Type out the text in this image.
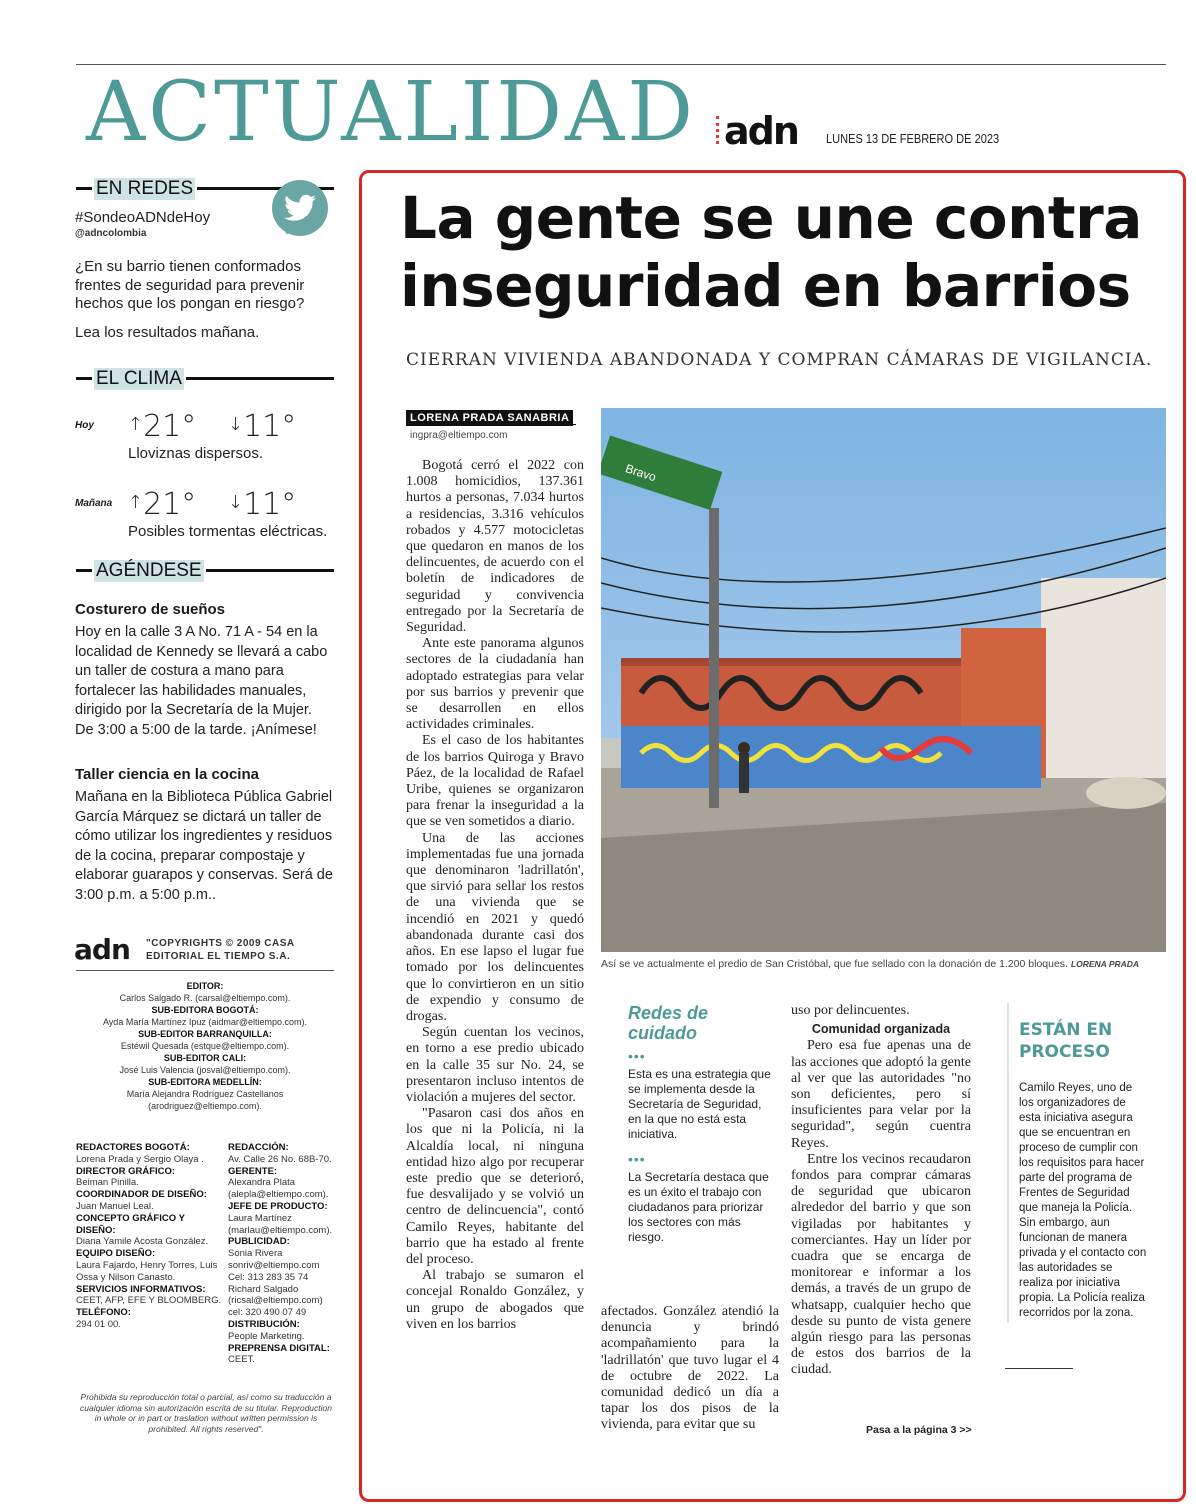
ACTUALIDAD adn LUNES 13 DE FEBRERO DE 2023
EN REDES
#SondeoADNdeHoy
@adncolombia
¿En su barrio tienen conformados frentes de seguridad para prevenir hechos que los pongan en riesgo?
Lea los resultados mañana.
EL CLIMA
Hoy ↑21° ↓11°
Lloviznas dispersos.
Mañana ↑21° ↓11°
Posibles tormentas eléctricas.
AGÉNDESE
Costurero de sueños

Hoy en la calle 3 A No. 71 A - 54 en la localidad de Kennedy se llevará a cabo un taller de costura a mano para fortalecer las habilidades manuales, dirigido por la Secretaría de la Mujer. De 3:00 a 5:00 de la tarde. ¡Anímese!

Taller ciencia en la cocina

Mañana en la Biblioteca Pública Gabriel García Márquez se dictará un taller de cómo utilizar los ingredientes y residuos de la cocina, preparar compostaje y elaborar guarapos y conservas. Será de 3:00 p.m. a 5:00 p.m..

adn "COPYRIGHTS © 2009 CASA EDITORIAL EL TIEMPO S.A.
EDITOR:
Carlos Salgado R. (carsal@eltiempo.com).
SUB-EDITORA BOGOTÁ:
Ayda María Martínez Ipuz (aidmar@eltiempo.com).
SUB-EDITOR BARRANQUILLA:
Estéwil Quesada (estque@eltiempo.com).
SUB-EDITOR CALI:
José Luis Valencia (josval@eltiempo.com).
SUB-EDITORA MEDELLÍN:
María Alejandra Rodríguez Castellanos (arodriguez@eltiempo.com).
REDACTORES BOGOTÁ:
Lorena Prada y Sergio Olaya .
DIRECTOR GRÁFICO:
Beiman Pinilla.
COORDINADOR DE DISEÑO:
Juan Manuel Leal.
CONCEPTO GRÁFICO Y DISEÑO:
Diana Yamile Acosta González.
EQUIPO DISEÑO:
Laura Fajardo, Henry Torres, Luis Ossa y Nilson Canasto.
SERVICIOS INFORMATIVOS:
CEET, AFP, EFE Y BLOOMBERG.
TELÉFONO:
294 01 00.
REDACCIÓN:
Av. Calle 26 No. 68B-70.
GERENTE:
Alexandra Plata (alepla@eltiempo.com).
JEFE DE PRODUCTO:
Laura Martínez (marlau@eltiempo.com).
PUBLICIDAD:
Sonia Rivera sonriv@eltiempo.com Cel: 313 283 35 74 Richard Salgado (ricsal@eltiempo.com) cel: 320 490 07 49
DISTRIBUCIÓN:
People Marketing.
PREPRENSA DIGITAL:
CEET.
Prohibida su reproducción total o parcial, así como su traducción a cualquier idioma sin autorización escrita de su titular. Reproduction in whole or in part or traslation without written permission is prohibited. All rights reserved".
La gente se une contra inseguridad en barrios
CIERRAN VIVIENDA ABANDONADA Y COMPRAN CÁMARAS DE VIGILANCIA.
LORENA PRADA SANABRIA
ingpra@eltiempo.com

Bogotá cerró el 2022 con 1.008 homicidios, 137.361 hurtos a personas, 7.034 hurtos a residencias, 3.316 vehículos robados y 4.577 motocicletas que quedaron en manos de los delincuentes, de acuerdo con el boletín de indicadores de seguridad y convivencia entregado por la Secretaría de Seguridad.

Ante este panorama algunos sectores de la ciudadanía han adoptado estrategias para velar por sus barrios y prevenir que se desarrollen en ellos actividades criminales.

Es el caso de los habitantes de los barrios Quiroga y Bravo Páez, de la localidad de Rafael Uribe, quienes se organizaron para frenar la inseguridad a la que se ven sometidos a diario.

Una de las acciones implementadas fue una jornada que denominaron 'ladrillatón', que sirvió para sellar los restos de una vivienda que se incendió en 2021 y quedó abandonada durante casi dos años. En ese lapso el lugar fue tomado por los delincuentes que lo convirtieron en un sitio de expendio y consumo de drogas.

Según cuentan los vecinos, en torno a ese predio ubicado en la calle 35 sur No. 24, se presentaron incluso intentos de violación a mujeres del sector.

"Pasaron casi dos años en los que ni la Policía, ni la Alcaldía local, ni ninguna entidad hizo algo por recuperar este predio que se deterioró, fue desvalijado y se volvió un centro de delincuencia", contó Camilo Reyes, habitante del barrio que ha estado al frente del proceso.

Al trabajo se sumaron el concejal Ronaldo González, y un grupo de abogados que viven en los barrios

Bravo
Así se ve actualmente el predio de San Cristóbal, que fue sellado con la donación de 1.200 bloques. LORENA PRADA
Redes de cuidado
•••

Esta es una estrategia que se implementa desde la Secretaría de Seguridad, en la que no está esta iniciativa.

•••

La Secretaría destaca que es un éxito el trabajo con ciudadanos para priorizar los sectores con más riesgo.

afectados. González atendió la denuncia y brindó acompañamiento para la 'ladrillatón' que tuvo lugar el 4 de octubre de 2022. La comunidad dedicó un día a tapar los dos pisos de la vivienda, para evitar que su

uso por delincuentes.

Comunidad organizada

Pero esa fue apenas una de las acciones que adoptó la gente al ver que las autoridades "no son deficientes, pero sí insuficientes para velar por la seguridad", según cuentra Reyes.

Entre los vecinos recaudaron fondos para comprar cámaras de seguridad que ubicaron alrededor del barrio y que son vigiladas por habitantes y comerciantes. Hay un líder por cuadra que se encarga de monitorear e informar a los demás, a través de un grupo de whatsapp, cualquier hecho que desde su punto de vista genere algún riesgo para las personas de estos dos barrios de la ciudad.

ESTÁN EN PROCESO

Camilo Reyes, uno de los organizadores de esta iniciativa asegura que se encuentran en proceso de cumplir con los requisitos para hacer parte del programa de Frentes de Seguridad que maneja la Policía. Sin embargo, aun funcionan de manera privada y el contacto con las autoridades se realiza por iniciativa propia. La Policía realiza recorridos por la zona.

Pasa a la página 3 >>
